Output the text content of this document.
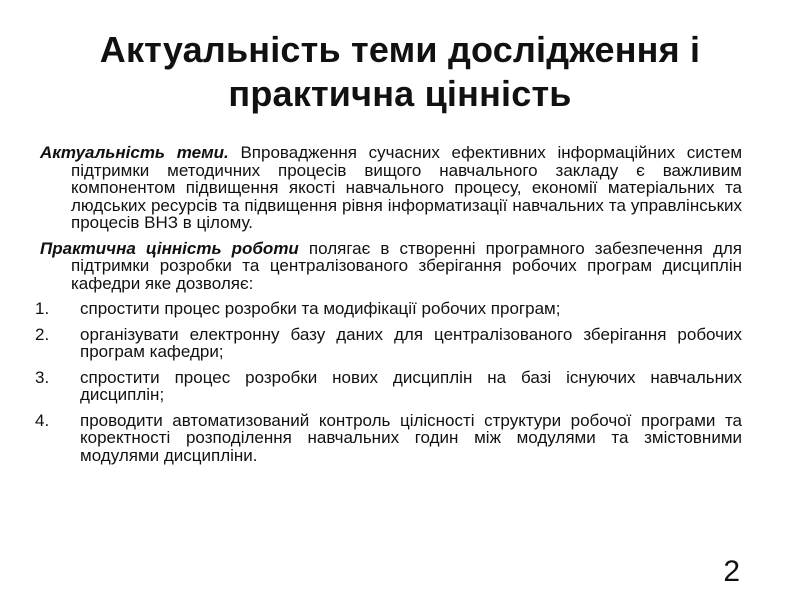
Актуальність теми дослідження і
практична цінність

Актуальність теми. Впровадження сучасних ефективних інформаційних систем підтримки методичних процесів вищого навчального закладу є важливим компонентом підвищення якості навчального процесу, економії матеріальних та людських ресурсів та підвищення рівня інформатизації навчальних та управлінських процесів ВНЗ в цілому.

Практична цінність роботи полягає в створенні програмного забезпечення для підтримки розробки та централізованого зберігання робочих програм дисциплін кафедри яке дозволяє:

1. спростити процес розробки та модифікації робочих програм;
2. організувати електронну базу даних для централізованого зберігання робочих програм кафедри;
3. спростити процес розробки нових дисциплін на базі існуючих навчальних дисциплін;
4. проводити автоматизований контроль цілісності структури робочої програми та коректності розподілення навчальних годин між модулями та змістовними модулями дисципліни.
2
